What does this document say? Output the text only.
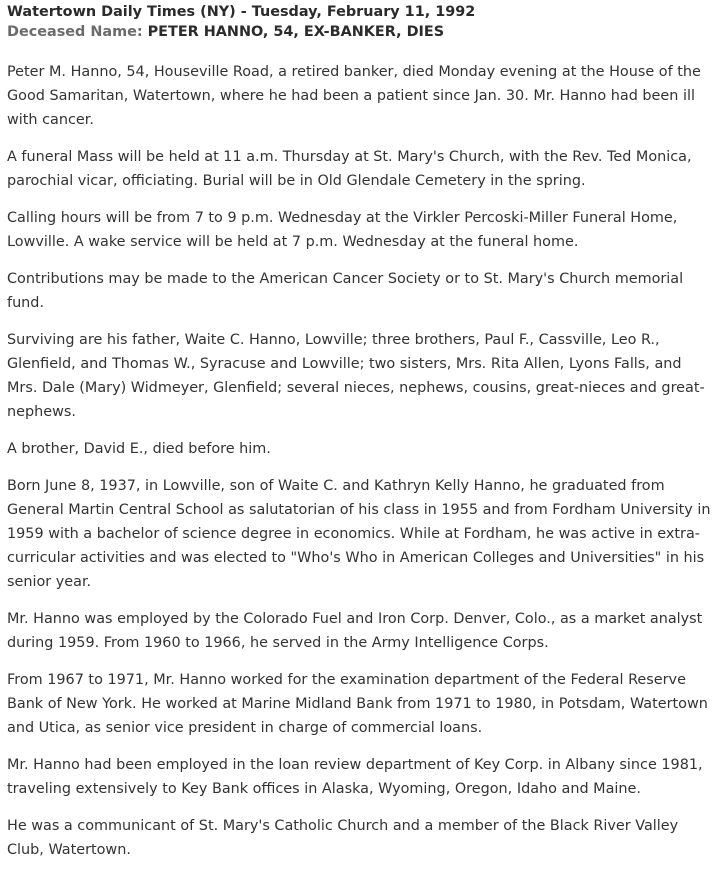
Watertown Daily Times (NY) - Tuesday, February 11, 1992
Deceased Name: PETER HANNO, 54, EX-BANKER, DIES

Peter M. Hanno, 54, Houseville Road, a retired banker, died Monday evening at the House of the Good Samaritan, Watertown, where he had been a patient since Jan. 30. Mr. Hanno had been ill with cancer.

A funeral Mass will be held at 11 a.m. Thursday at St. Mary's Church, with the Rev. Ted Monica, parochial vicar, officiating. Burial will be in Old Glendale Cemetery in the spring.

Calling hours will be from 7 to 9 p.m. Wednesday at the Virkler Percoski-Miller Funeral Home, Lowville. A wake service will be held at 7 p.m. Wednesday at the funeral home.

Contributions may be made to the American Cancer Society or to St. Mary's Church memorial fund.

Surviving are his father, Waite C. Hanno, Lowville; three brothers, Paul F., Cassville, Leo R., Glenfield, and Thomas W., Syracuse and Lowville; two sisters, Mrs. Rita Allen, Lyons Falls, and Mrs. Dale (Mary) Widmeyer, Glenfield; several nieces, nephews, cousins, great-nieces and great-nephews.

A brother, David E., died before him.

Born June 8, 1937, in Lowville, son of Waite C. and Kathryn Kelly Hanno, he graduated from General Martin Central School as salutatorian of his class in 1955 and from Fordham University in 1959 with a bachelor of science degree in economics. While at Fordham, he was active in extra-curricular activities and was elected to "Who's Who in American Colleges and Universities" in his senior year.

Mr. Hanno was employed by the Colorado Fuel and Iron Corp. Denver, Colo., as a market analyst during 1959. From 1960 to 1966, he served in the Army Intelligence Corps.

From 1967 to 1971, Mr. Hanno worked for the examination department of the Federal Reserve Bank of New York. He worked at Marine Midland Bank from 1971 to 1980, in Potsdam, Watertown and Utica, as senior vice president in charge of commercial loans.

Mr. Hanno had been employed in the loan review department of Key Corp. in Albany since 1981, traveling extensively to Key Bank offices in Alaska, Wyoming, Oregon, Idaho and Maine.

He was a communicant of St. Mary's Catholic Church and a member of the Black River Valley Club, Watertown.
